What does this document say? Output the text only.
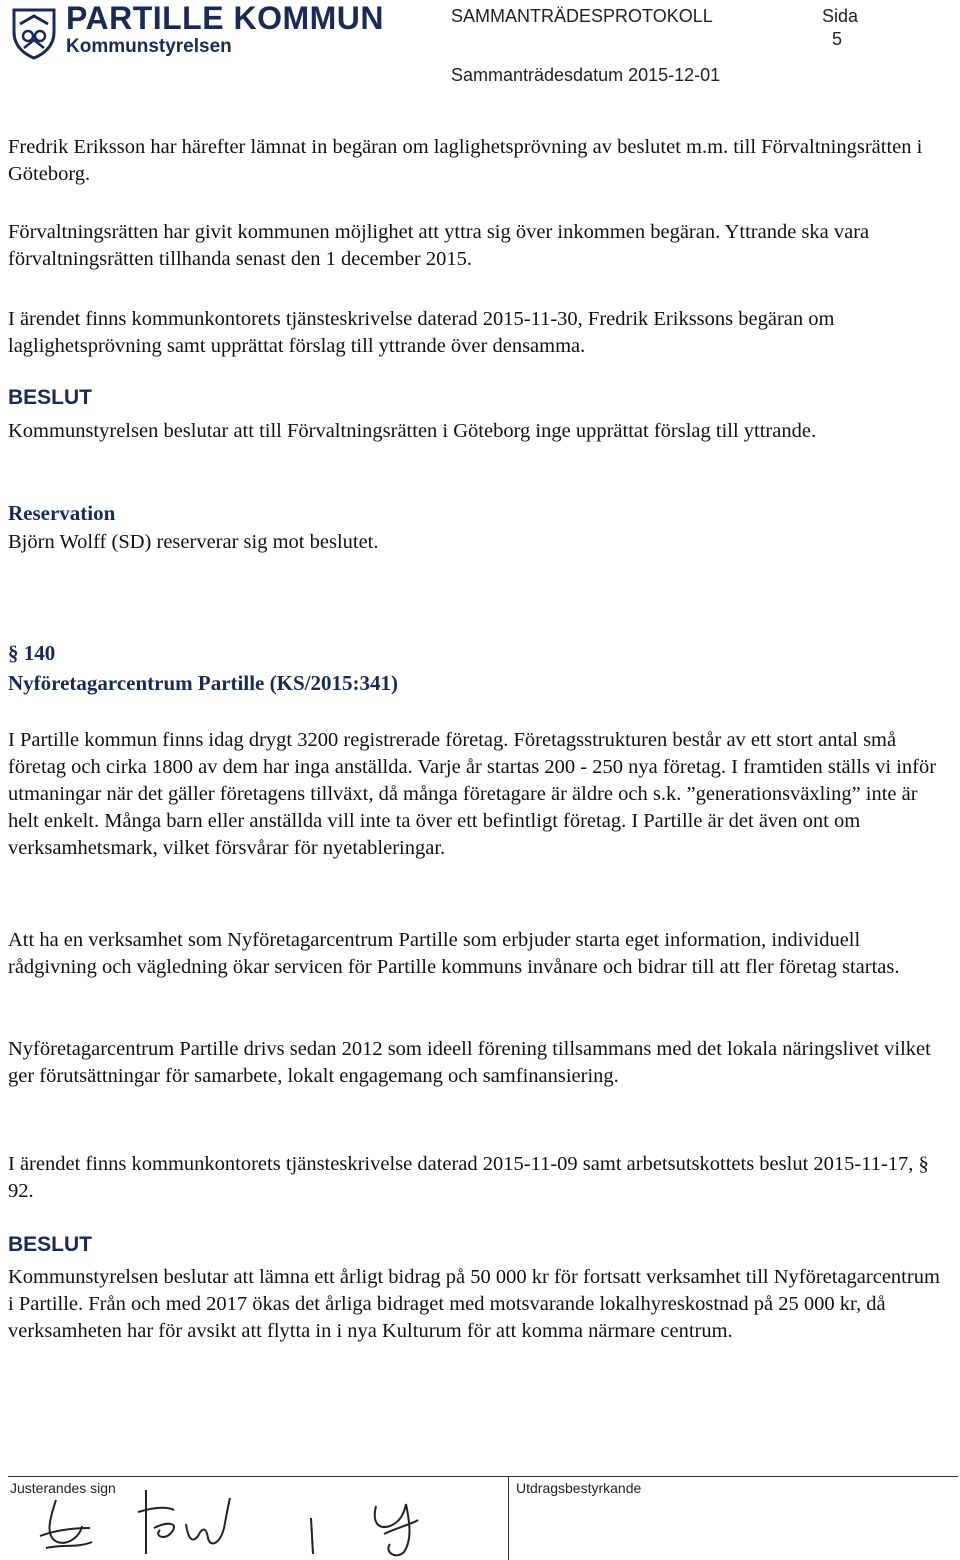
PARTILLE KOMMUN
Kommunstyrelsen
SAMMANTRÄDESPROTOKOLL	Sida
5
Sammanträdesdatum 2015-12-01

Fredrik Eriksson har härefter lämnat in begäran om laglighetsprövning av beslutet m.m. till Förvaltningsrätten i Göteborg.

Förvaltningsrätten har givit kommunen möjlighet att yttra sig över inkommen begäran. Yttrande ska vara förvaltningsrätten tillhanda senast den 1 december 2015.

I ärendet finns kommunkontorets tjänsteskrivelse daterad 2015-11-30, Fredrik Erikssons begäran om laglighetsprövning samt upprättat förslag till yttrande över densamma.

BESLUT

Kommunstyrelsen beslutar att till Förvaltningsrätten i Göteborg inge upprättat förslag till yttrande.

Reservation

Björn Wolff (SD) reserverar sig mot beslutet.

§ 140
Nyföretagarcentrum Partille (KS/2015:341)

I Partille kommun finns idag drygt 3200 registrerade företag. Företagsstrukturen består av ett stort antal små företag och cirka 1800 av dem har inga anställda. Varje år startas 200 - 250 nya företag. I framtiden ställs vi inför utmaningar när det gäller företagens tillväxt, då många företagare är äldre och s.k. ”generationsväxling” inte är helt enkelt. Många barn eller anställda vill inte ta över ett befintligt företag. I Partille är det även ont om verksamhetsmark, vilket försvårar för nyetableringar.

Att ha en verksamhet som Nyföretagarcentrum Partille som erbjuder starta eget information, individuell rådgivning och vägledning ökar servicen för Partille kommuns invånare och bidrar till att fler företag startas.

Nyföretagarcentrum Partille drivs sedan 2012 som ideell förening tillsammans med det lokala näringslivet vilket ger förutsättningar för samarbete, lokalt engagemang och samfinansiering.

I ärendet finns kommunkontorets tjänsteskrivelse daterad 2015-11-09 samt arbetsutskottets beslut 2015-11-17, § 92.

BESLUT

Kommunstyrelsen beslutar att lämna ett årligt bidrag på 50 000 kr för fortsatt verksamhet till Nyföretagarcentrum i Partille. Från och med 2017 ökas det årliga bidraget med motsvarande lokalhyreskostnad på 25 000 kr, då verksamheten har för avsikt att flytta in i nya Kulturum för att komma närmare centrum.

Justerandes sign	Utdragsbestyrkande
